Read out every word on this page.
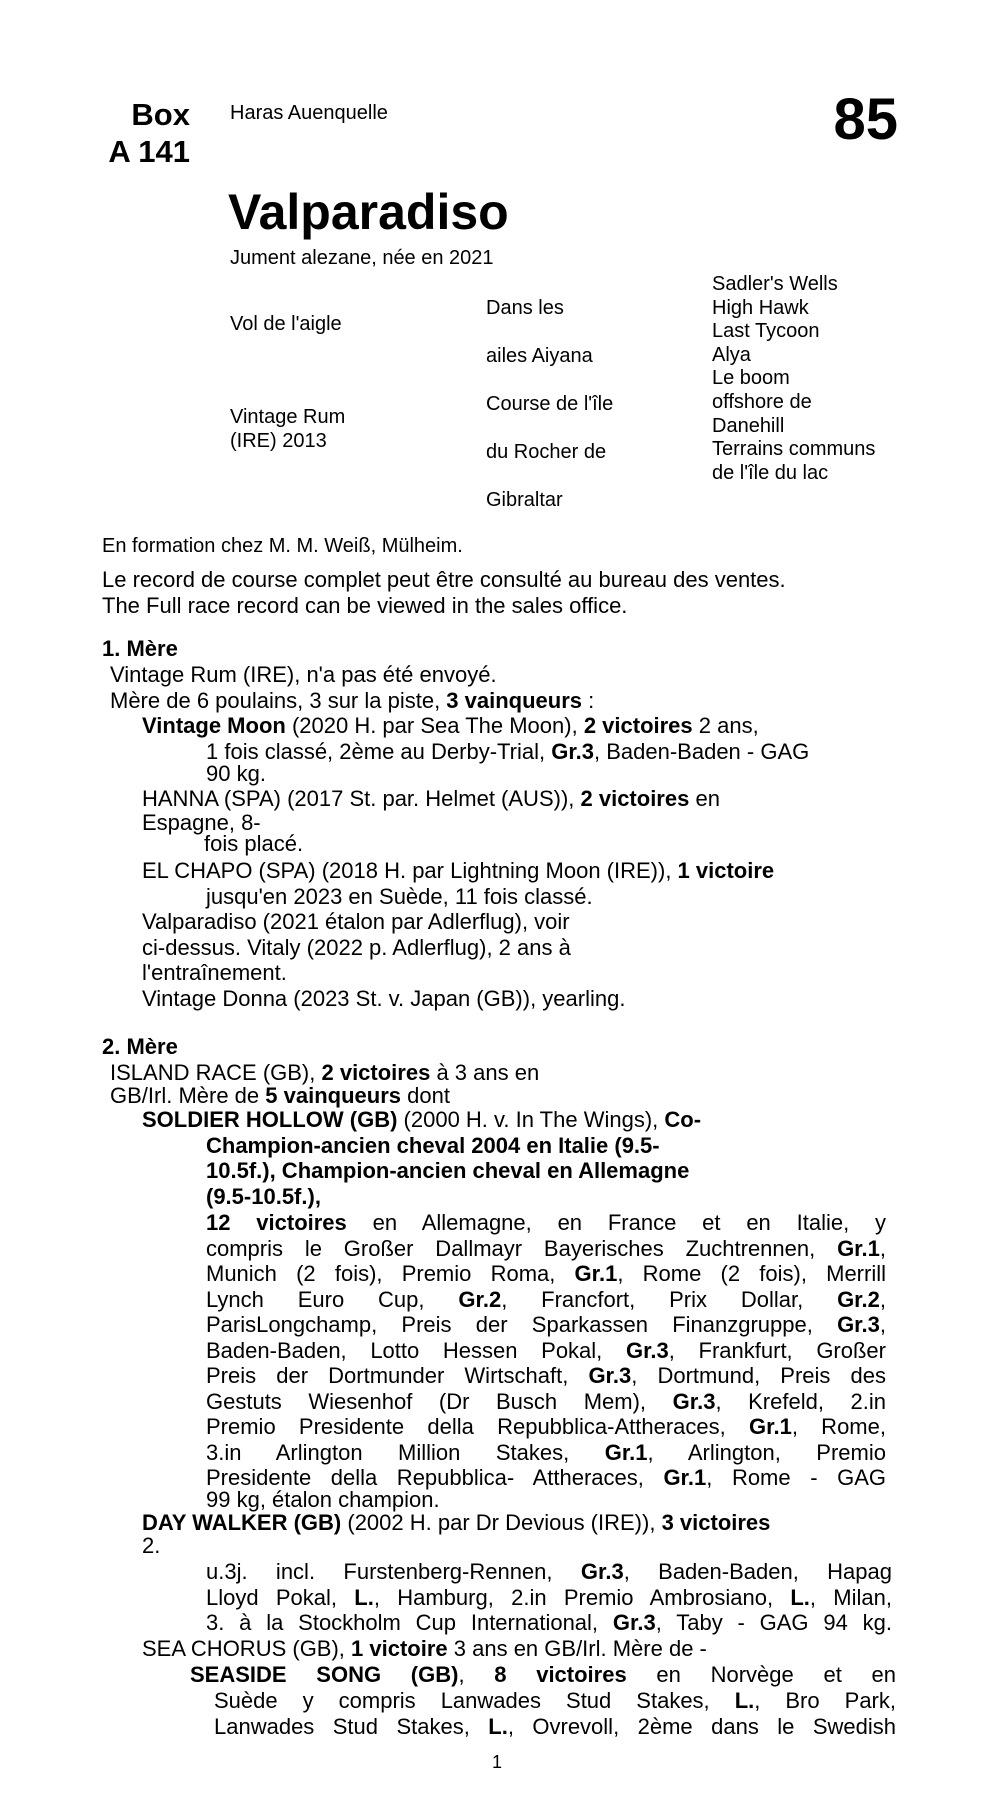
Box
A 141
Haras Auenquelle	85
Valparadiso
Jument alezane, née en 2021
Vol de l'aigle
Vintage Rum
(IRE) 2013
Dans les
ailes Aiyana
Course de l'île
du Rocher de
Gibraltar
Sadler's Wells
High Hawk
Last Tycoon
Alya
Le boom
offshore de
Danehill
Terrains communs
de l'île du lac
En formation chez M. M. Weiß, Mülheim.
Le record de course complet peut être consulté au bureau des ventes.
The Full race record can be viewed in the sales office.
1. Mère
Vintage Rum (IRE), n'a pas été envoyé.
Mère de 6 poulains, 3 sur la piste, 3 vainqueurs :
Vintage Moon (2020 H. par Sea The Moon), 2 victoires 2 ans,
1 fois classé, 2ème au Derby-Trial, Gr.3, Baden-Baden - GAG
90 kg.
HANNA (SPA) (2017 St. par. Helmet (AUS)), 2 victoires en
Espagne, 8-
fois placé.
EL CHAPO (SPA) (2018 H. par Lightning Moon (IRE)), 1 victoire
jusqu'en 2023 en Suède, 11 fois classé.
Valparadiso (2021 étalon par Adlerflug), voir
ci-dessus. Vitaly (2022 p. Adlerflug), 2 ans à
l'entraînement.
Vintage Donna (2023 St. v. Japan (GB)), yearling.
2. Mère
ISLAND RACE (GB), 2 victoires à 3 ans en
GB/Irl. Mère de 5 vainqueurs dont
SOLDIER HOLLOW (GB) (2000 H. v. In The Wings), Co-
Champion-ancien cheval 2004 en Italie (9.5-
10.5f.), Champion-ancien cheval en Allemagne
(9.5-10.5f.),
12 victoires en Allemagne, en France et en Italie, y
compris le Großer Dallmayr Bayerisches Zuchtrennen, Gr.1,
Munich (2 fois), Premio Roma, Gr.1, Rome (2 fois), Merrill
Lynch Euro Cup, Gr.2, Francfort, Prix Dollar, Gr.2,
ParisLongchamp, Preis der Sparkassen Finanzgruppe, Gr.3,
Baden-Baden, Lotto Hessen Pokal, Gr.3, Frankfurt, Großer
Preis der Dortmunder Wirtschaft, Gr.3, Dortmund, Preis des
Gestuts Wiesenhof (Dr Busch Mem), Gr.3, Krefeld, 2.in
Premio Presidente della Repubblica-Attheraces, Gr.1, Rome,
3.in Arlington Million Stakes, Gr.1, Arlington, Premio
Presidente della Repubblica- Attheraces, Gr.1, Rome - GAG
99 kg, étalon champion.
DAY WALKER (GB) (2002 H. par Dr Devious (IRE)), 3 victoires
2.
u.3j. incl. Furstenberg-Rennen, Gr.3, Baden-Baden, Hapag
Lloyd Pokal, L., Hamburg, 2.in Premio Ambrosiano, L., Milan,
3. à la Stockholm Cup International, Gr.3, Taby - GAG 94 kg.
SEA CHORUS (GB), 1 victoire 3 ans en GB/Irl. Mère de -
SEASIDE SONG (GB), 8 victoires en Norvège et en
Suède y compris Lanwades Stud Stakes, L., Bro Park,
Lanwades Stud Stakes, L., Ovrevoll, 2ème dans le Swedish
1
